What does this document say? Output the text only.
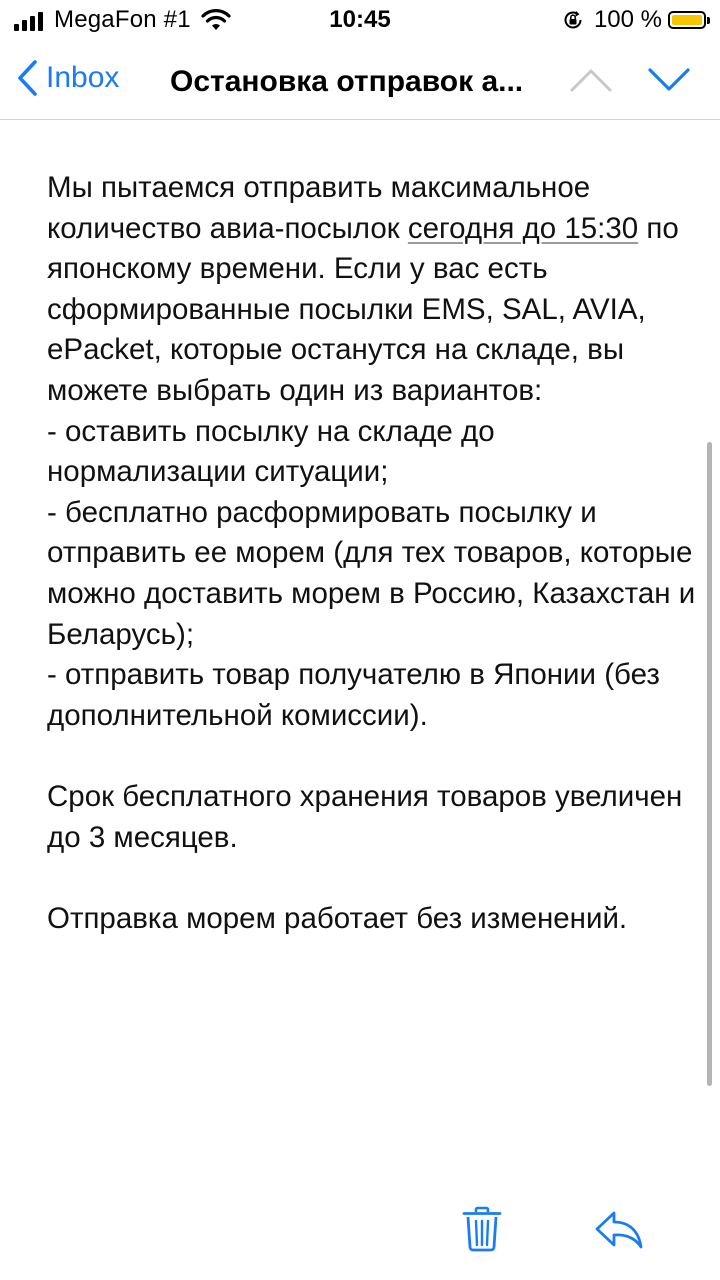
MegaFon #1	10:45	100 %
Inbox Остановка отправок а...

Мы пытаемся отправить максимальное количество авиа-посылок сегодня до 15:30 по японскому времени. Если у вас есть сформированные посылки EMS, SAL, AVIA, ePacket, которые останутся на складе, вы можете выбрать один из вариантов:

- оставить посылку на складе до нормализации ситуации;

- бесплатно расформировать посылку и отправить ее морем (для тех товаров, которые можно доставить морем в Россию, Казахстан и Беларусь);

- отправить товар получателю в Японии (без дополнительной комиссии).

Срок бесплатного хранения товаров увеличен до 3 месяцев.

Отправка морем работает без изменений.
